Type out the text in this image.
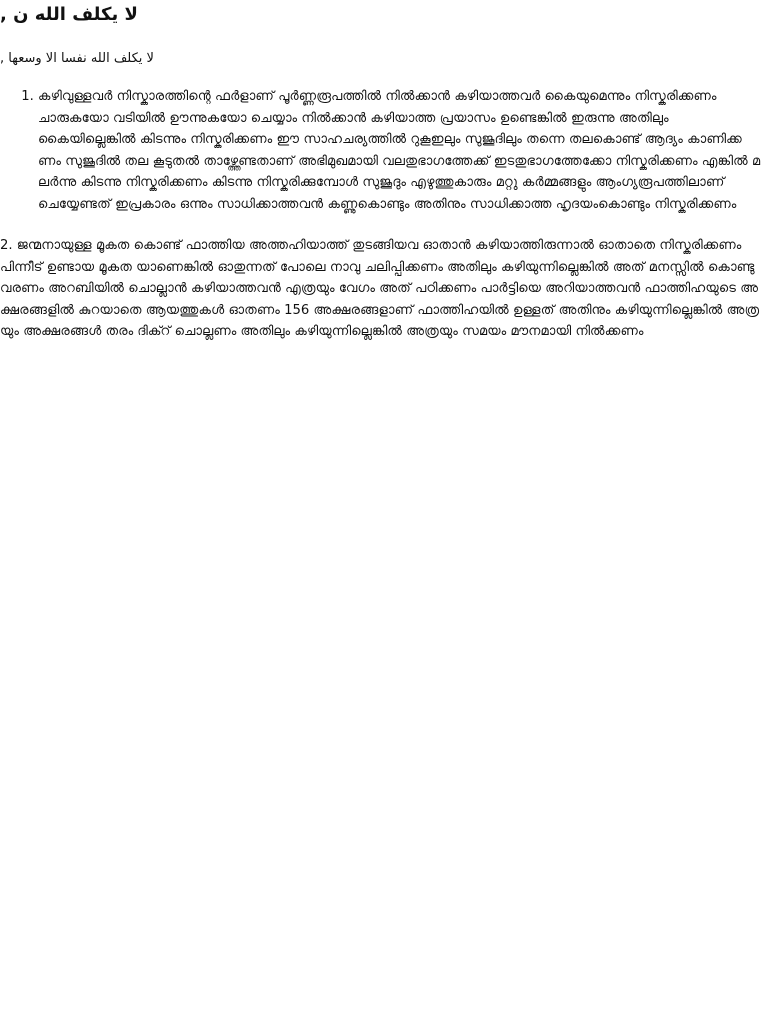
لا يكلف الله ن ,

لا يكلف الله نفسا الا وسعها ,

1. കഴിവുള്ളവർ നിസ്കാരത്തിന്റെ ഫർളാണ് പൂർണ്ണരൂപത്തിൽ നിൽക്കാൻ കഴിയാത്തവർ കൈയുമെന്നും നിസ്കരിക്കണം ചാരുകയോ വടിയിൽ ഊന്നുകയോ ചെയ്യാം നിൽക്കാൻ കഴിയാത്ത പ്രയാസം ഉണ്ടെങ്കിൽ ഇരുന്നു അതിലും കൈയില്ലെങ്കിൽ കിടന്നും നിസ്കരിക്കണം ഈ സാഹചര്യത്തിൽ റുകൂഇലും സുജൂദിലും തന്നെ തലകൊണ്ട് ആദ്യം കാണിക്കണം സുജൂദിൽ തല കൂടുതൽ താഴ്ത്തേണ്ടതാണ് അഭിമുഖമായി വലതുഭാഗത്തേക്ക് ഇടതുഭാഗത്തേക്കോ നിസ്കരിക്കണം എങ്കിൽ മലർന്നു കിടന്നു നിസ്കരിക്കണം കിടന്നു നിസ്കരിക്കുമ്പോൾ സുജൂദും എഴുത്തുകാരും മറ്റു കർമ്മങ്ങളും ആംഗ്യരൂപത്തിലാണ് ചെയ്യേണ്ടത് ഇപ്രകാരം ഒന്നും സാധിക്കാത്തവൻ കണ്ണുകൊണ്ടും അതിനും സാധിക്കാത്ത ഹൃദയംകൊണ്ടും നിസ്കരിക്കണം

2. ജന്മനായുള്ള മൂകത കൊണ്ട് ഫാത്തിയ അത്തഹിയാത്ത് തുടങ്ങിയവ ഓതാൻ കഴിയാത്തിരുന്നാൽ ഓതാതെ നിസ്കരിക്കണം പിന്നീട് ഉണ്ടായ മൂകത യാണെങ്കിൽ ഓതുന്നത് പോലെ നാവു ചലിപ്പിക്കണം അതിലും കഴിയുന്നില്ലെങ്കിൽ അത് മനസ്സിൽ കൊണ്ടു വരണം അറബിയിൽ ചൊല്ലാൻ കഴിയാത്തവൻ എത്രയും വേഗം അത് പഠിക്കണം പാർട്ടിയെ അറിയാത്തവൻ ഫാത്തിഹയുടെ അക്ഷരങ്ങളിൽ കുറയാതെ ആയത്തുകൾ ഓതണം 156 അക്ഷരങ്ങളാണ് ഫാത്തിഹയിൽ ഉള്ളത് അതിനും കഴിയുന്നില്ലെങ്കിൽ അത്രയും അക്ഷരങ്ങൾ തരം ദിക്റ് ചൊല്ലണം അതിലും കഴിയുന്നില്ലെങ്കിൽ അത്രയും സമയം മൗനമായി നിൽക്കണം
